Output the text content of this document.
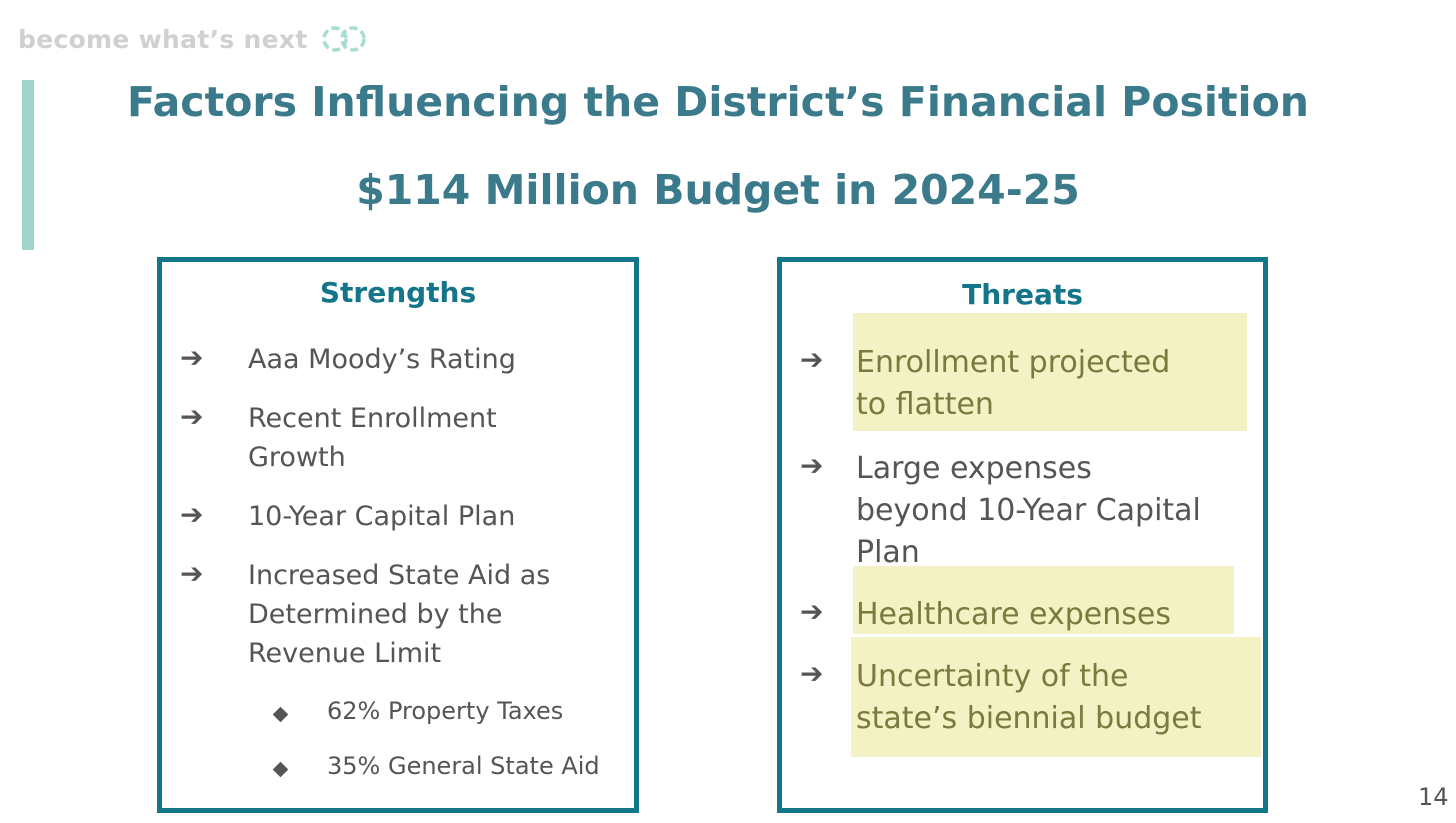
become what’s next
Factors Influencing the District’s Financial Position
$114 Million Budget in 2024-25
Strengths
➔ Aaa Moody’s Rating
➔ Recent Enrollment
Growth
➔ 10-Year Capital Plan
➔ Increased State Aid as
Determined by the
Revenue Limit
62% Property Taxes
35% General State Aid
Threats
➔ Enrollment projected
to flatten
➔ Large expenses
beyond 10-Year Capital
Plan
➔ Healthcare expenses
➔ Uncertainty of the
state’s biennial budget
14
